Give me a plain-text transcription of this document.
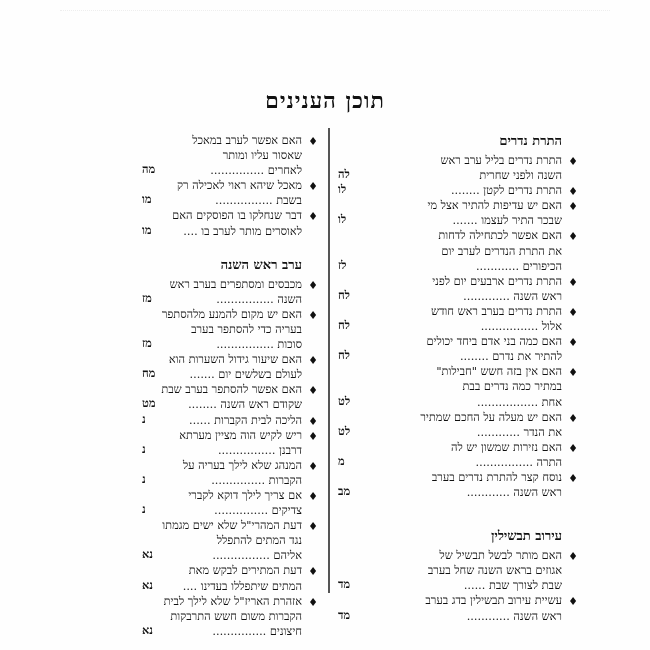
תוכן הענינים
התרת נדרים
♦
התרת נדרים בליל ערב ראש
השנה ולפני שחרית
לה
♦
התרת נדרים לקטן ........
לו
♦
האם יש עדיפות להתיר אצל מי
שבכר התיר לעצמו .......
לו
♦
האם אפשר לכתחילה לדחות
את התרת הנדרים לערב יום
הכיפורים ............
לז
♦
התרת נדרים ארבעים יום לפני
ראש השנה .............
לח
♦
התרת נדרים בערב ראש חודש
אלול ................
לח
♦
האם כמה בני אדם ביחד יכולים
להתיר את נדרם ........
לח
♦
האם אין בזה חשש "חבילות"
במתיר כמה נדרים בבת
אחת .................
לט
♦
האם יש מעלה על החכם שמתיר
את הנדר ............
לט
♦
האם נזירות שמשון יש לה
התרה ................
מ
♦
נוסח קצר להתרת נדרים בערב
ראש השנה ............
מב
עירוב תבשילין
♦
האם מותר לבשל תבשיל של
אגוזים בראש השנה שחל בערב
שבת לצורך שבת ......
מד
♦
עשיית עירוב תבשילין בדג בערב
ראש השנה ............
מד
♦
האם אפשר לערב במאכל
שאסור עליו ומותר
לאחרים ...............
מה
♦
מאכל שיהא ראוי לאכילה רק
בשבת ................
מו
♦
דבר שנחלקו בו הפוסקים האם
לאוסרים מותר לערב בו ....
מו
ערב ראש השנה
♦
מכבסים ומסתפרים בערב ראש
השנה ................
מז
♦
האם יש מקום להמנע מלהסתפר
בעריה כדי להסתפר בערב
סוכות ................
מז
♦
האם שיעור גידול השערות הוא
לעולם בשלשים יום .......
מח
♦
האם אפשר להסתפר בערב שבת
שקודם ראש השנה ........
מט
♦
הליכה לבית הקברות ......
נ
♦
ריש לקיש הוה מציין מערתא
דרבנן ................
נ
♦
המנהג שלא לילך בעריה על
הקברות ...............
נ
♦
אם צריך לילך דוקא לקברי
צדיקים ...............
נ
♦
דעת המהרי"ל שלא ישים מגמתו
נגד המתים להתפלל
אליהם ................
נא
♦
דעת המתירים לבקש מאת
המתים שיתפללו בעדינו ....
נא
♦
אזהרת האריז"ל שלא לילך לבית
הקברות משום חשש התרבקות
חיצונים ...............
נא
